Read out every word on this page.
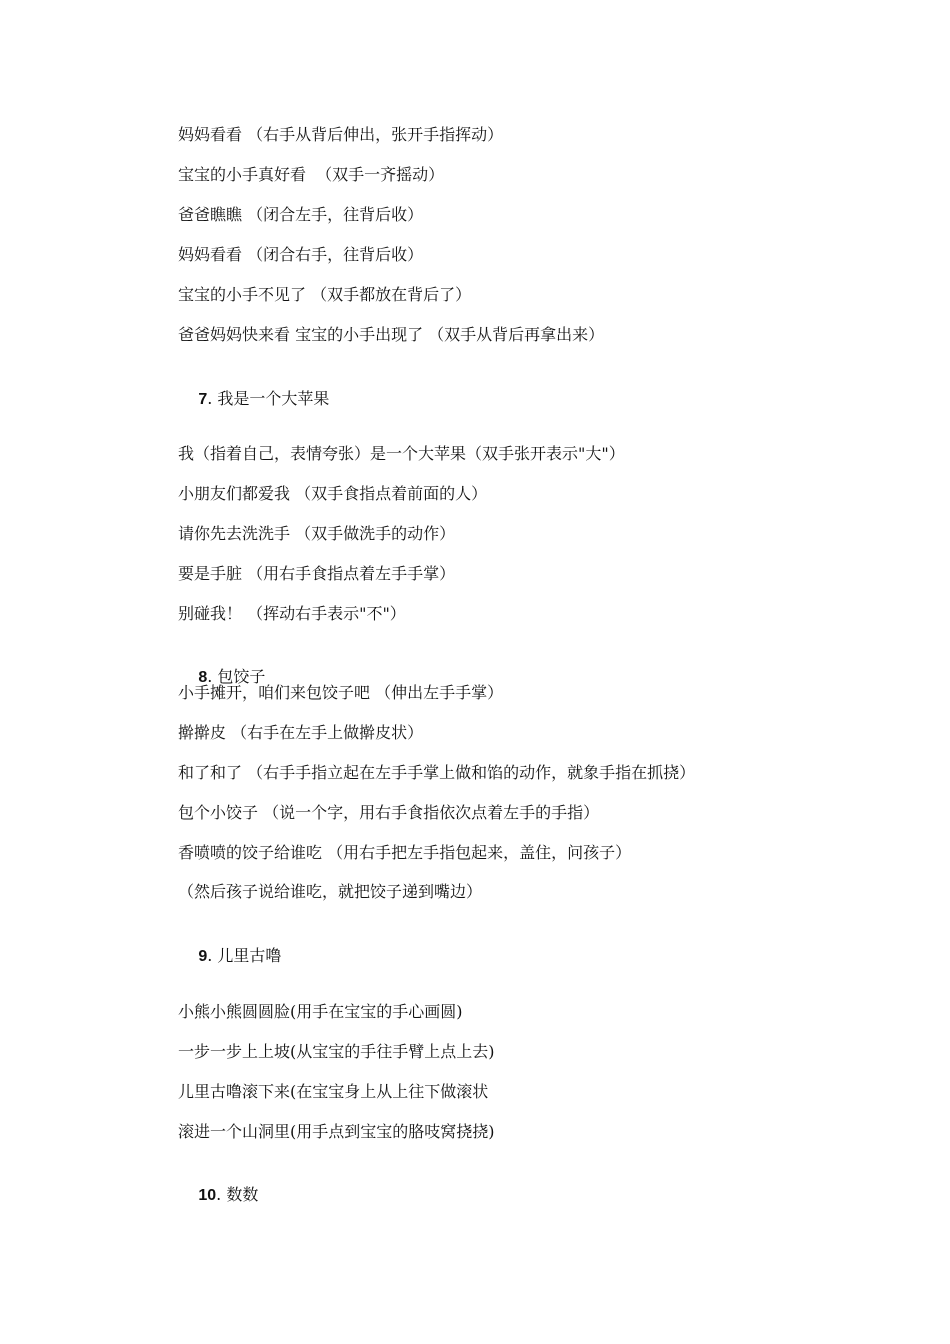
妈妈看看 （右手从背后伸出，张开手指挥动）
宝宝的小手真好看  （双手一齐摇动）
爸爸瞧瞧 （闭合左手，往背后收）
妈妈看看 （闭合右手，往背后收）
宝宝的小手不见了 （双手都放在背后了）
爸爸妈妈快来看 宝宝的小手出现了 （双手从背后再拿出来）

7. 我是一个大苹果

我（指着自己，表情夸张）是一个大苹果（双手张开表示"大"）
小朋友们都爱我 （双手食指点着前面的人）
请你先去洗洗手 （双手做洗手的动作）
要是手脏 （用右手食指点着左手手掌）
别碰我！ （挥动右手表示"不"）

8. 包饺子

小手摊开，咱们来包饺子吧 （伸出左手手掌）
擀擀皮 （右手在左手上做擀皮状）
和了和了 （右手手指立起在左手手掌上做和馅的动作，就象手指在抓挠）
包个小饺子 （说一个字，用右手食指依次点着左手的手指）
香喷喷的饺子给谁吃 （用右手把左手指包起来，盖住，问孩子）
（然后孩子说给谁吃，就把饺子递到嘴边）

9. 儿里古噜

小熊小熊圆圆脸(用手在宝宝的手心画圆)
一步一步上上坡(从宝宝的手往手臂上点上去)
儿里古噜滚下来(在宝宝身上从上往下做滚状
滚进一个山洞里(用手点到宝宝的胳吱窝挠挠)

10. 数数
